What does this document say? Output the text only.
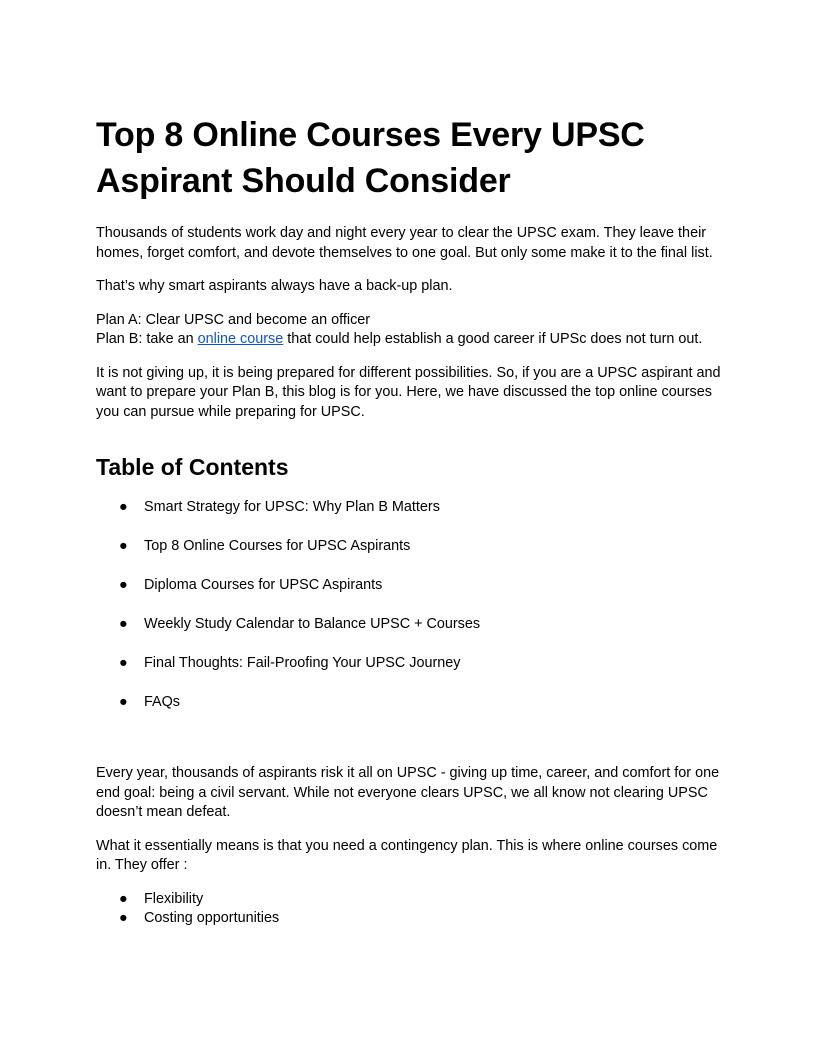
Top 8 Online Courses Every UPSC Aspirant Should Consider

Thousands of students work day and night every year to clear the UPSC exam. They leave their homes, forget comfort, and devote themselves to one goal. But only some make it to the final list.

That’s why smart aspirants always have a back-up plan.

Plan A: Clear UPSC and become an officer
Plan B: take an online course that could help establish a good career if UPSc does not turn out.

It is not giving up, it is being prepared for different possibilities. So, if you are a UPSC aspirant and want to prepare your Plan B, this blog is for you. Here, we have discussed the top online courses you can pursue while preparing for UPSC.

Table of Contents
● Smart Strategy for UPSC: Why Plan B Matters
● Top 8 Online Courses for UPSC Aspirants
● Diploma Courses for UPSC Aspirants
● Weekly Study Calendar to Balance UPSC + Courses
● Final Thoughts: Fail-Proofing Your UPSC Journey
● FAQs

Every year, thousands of aspirants risk it all on UPSC - giving up time, career, and comfort for one end goal: being a civil servant. While not everyone clears UPSC, we all know not clearing UPSC doesn’t mean defeat.

What it essentially means is that you need a contingency plan. This is where online courses come in. They offer :

● Flexibility
● Costing opportunities
